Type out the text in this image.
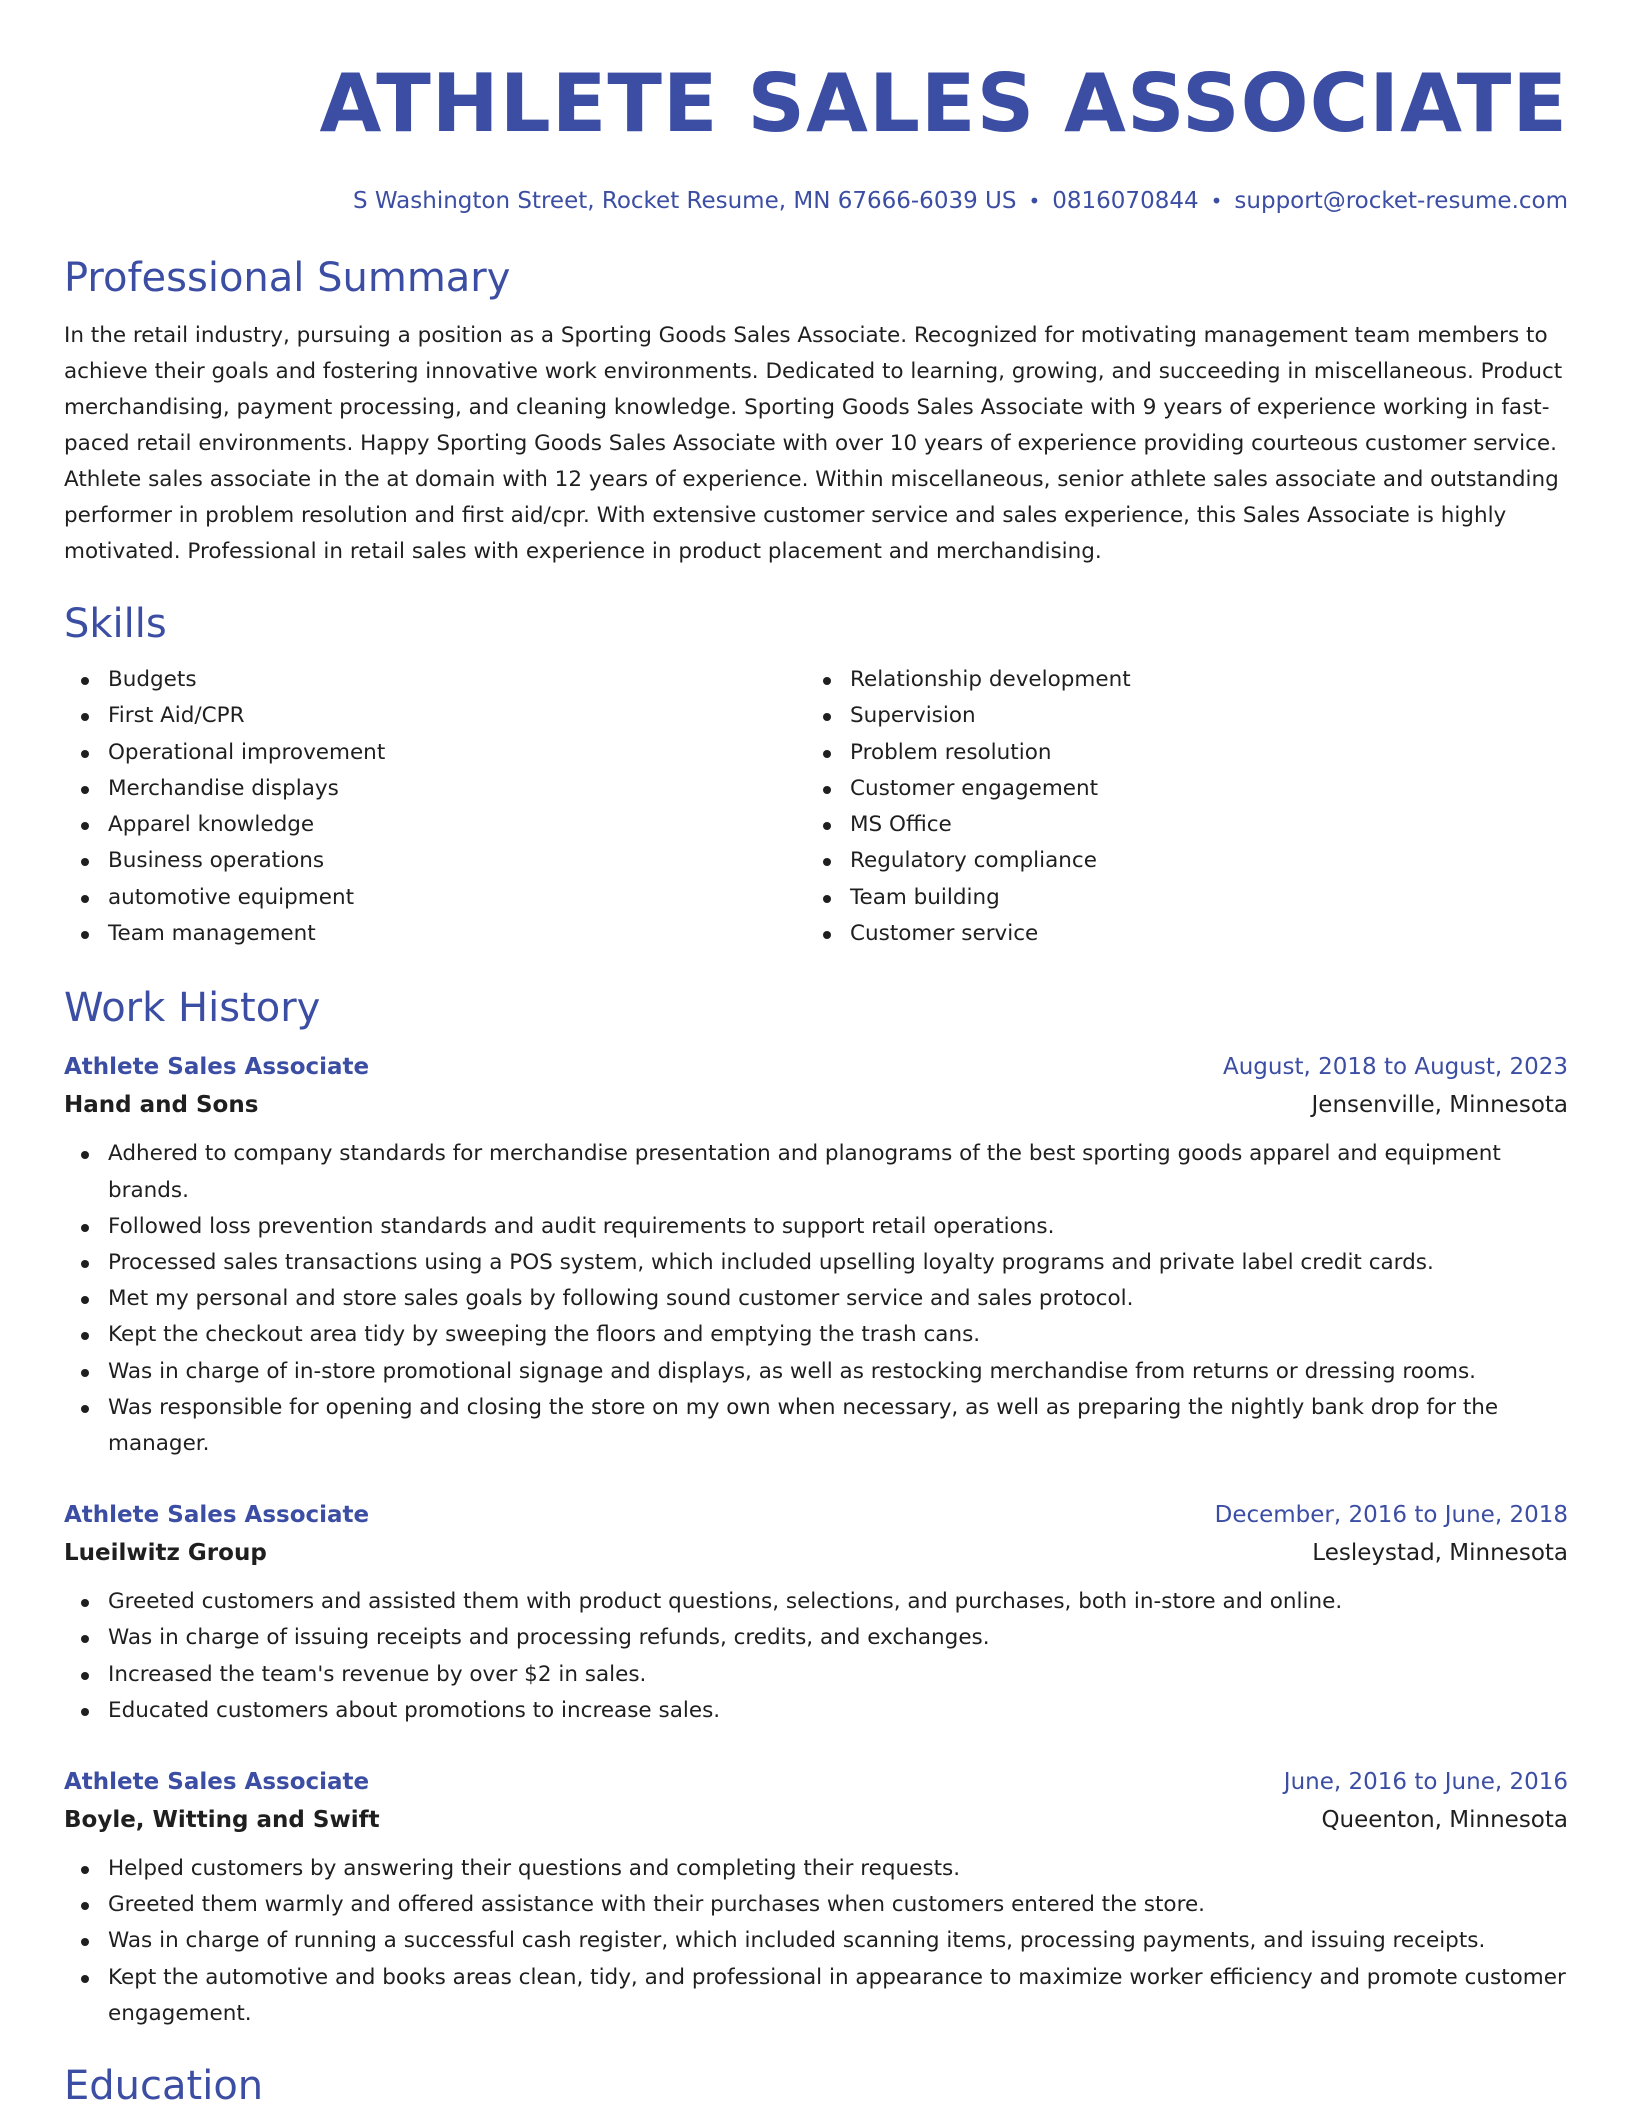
ATHLETE SALES ASSOCIATE
S Washington Street, Rocket Resume, MN 67666-6039 US • 0816070844 • support@rocket-resume.com
Professional Summary

In the retail industry, pursuing a position as a Sporting Goods Sales Associate. Recognized for motivating management team members to achieve their goals and fostering innovative work environments. Dedicated to learning, growing, and succeeding in miscellaneous. Product merchandising, payment processing, and cleaning knowledge. Sporting Goods Sales Associate with 9 years of experience working in fast-paced retail environments. Happy Sporting Goods Sales Associate with over 10 years of experience providing courteous customer service. Athlete sales associate in the at domain with 12 years of experience. Within miscellaneous, senior athlete sales associate and outstanding performer in problem resolution and first aid/cpr. With extensive customer service and sales experience, this Sales Associate is highly motivated. Professional in retail sales with experience in product placement and merchandising.

Skills
Budgets
First Aid/CPR
Operational improvement
Merchandise displays
Apparel knowledge
Business operations
automotive equipment
Team management
Relationship development
Supervision
Problem resolution
Customer engagement
MS Office
Regulatory compliance
Team building
Customer service
Work History
Athlete Sales Associate	August, 2018 to August, 2023
Hand and Sons	Jensenville, Minnesota
Adhered to company standards for merchandise presentation and planograms of the best sporting goods apparel and equipment brands.
Followed loss prevention standards and audit requirements to support retail operations.
Processed sales transactions using a POS system, which included upselling loyalty programs and private label credit cards.
Met my personal and store sales goals by following sound customer service and sales protocol.
Kept the checkout area tidy by sweeping the floors and emptying the trash cans.
Was in charge of in-store promotional signage and displays, as well as restocking merchandise from returns or dressing rooms.
Was responsible for opening and closing the store on my own when necessary, as well as preparing the nightly bank drop for the manager.
Athlete Sales Associate	December, 2016 to June, 2018
Lueilwitz Group	Lesleystad, Minnesota
Greeted customers and assisted them with product questions, selections, and purchases, both in-store and online.
Was in charge of issuing receipts and processing refunds, credits, and exchanges.
Increased the team's revenue by over $2 in sales.
Educated customers about promotions to increase sales.
Athlete Sales Associate	June, 2016 to June, 2016
Boyle, Witting and Swift	Queenton, Minnesota
Helped customers by answering their questions and completing their requests.
Greeted them warmly and offered assistance with their purchases when customers entered the store.
Was in charge of running a successful cash register, which included scanning items, processing payments, and issuing receipts.
Kept the automotive and books areas clean, tidy, and professional in appearance to maximize worker efficiency and promote customer engagement.
Education
